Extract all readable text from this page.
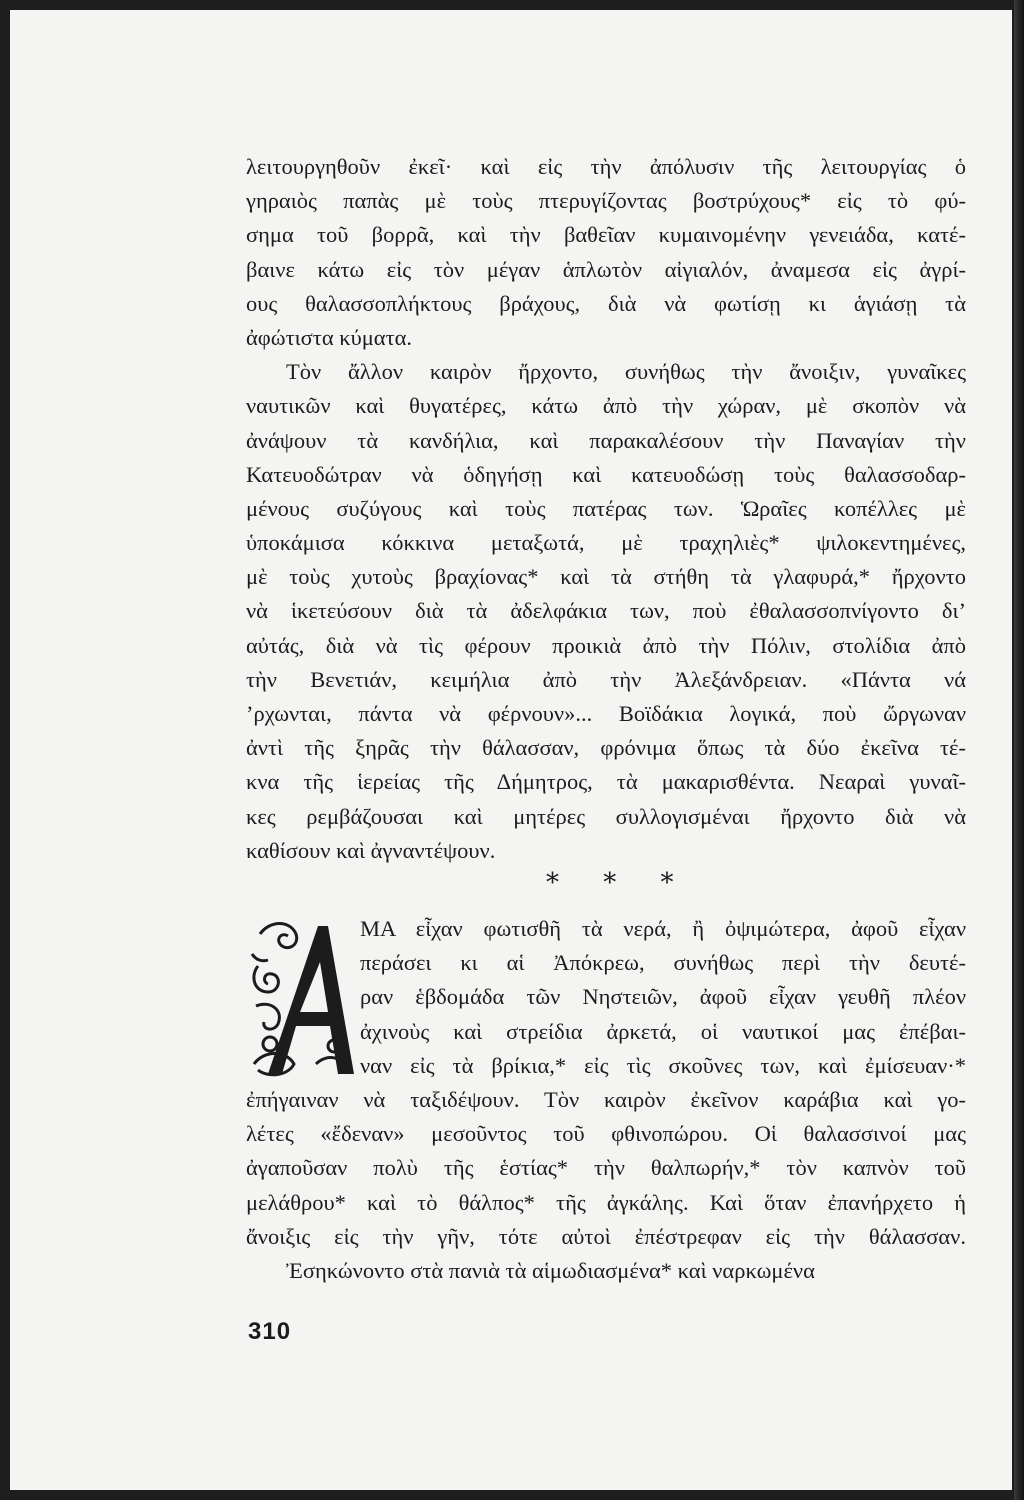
λειτουργηθοῦν ἐκεῖ· καὶ εἰς τὴν ἀπόλυσιν τῆς λειτουργίας ὁ
γηραιὸς παπὰς μὲ τοὺς πτερυγίζοντας βοστρύχους* εἰς τὸ φύ-
σημα τοῦ βορρᾶ, καὶ τὴν βαθεῖαν κυμαινομένην γενειάδα, κατέ-
βαινε κάτω εἰς τὸν μέγαν ἁπλωτὸν αἰγιαλόν, ἀναμεσα εἰς ἀγρί-
ους θαλασσοπλήκτους βράχους, διὰ νὰ φωτίσῃ κι ἁγιάσῃ τὰ
ἀφώτιστα κύματα.
Τὸν ἄλλον καιρὸν ἤρχοντο, συνήθως τὴν ἄνοιξιν, γυναῖκες
ναυτικῶν καὶ θυγατέρες, κάτω ἀπὸ τὴν χώραν, μὲ σκοπὸν νὰ
ἀνάψουν τὰ κανδήλια, καὶ παρακαλέσουν τὴν Παναγίαν τὴν
Κατευοδώτραν νὰ ὁδηγήσῃ καὶ κατευοδώσῃ τοὺς θαλασσοδαρ-
μένους συζύγους καὶ τοὺς πατέρας των. Ὡραῖες κοπέλλες μὲ
ὑποκάμισα κόκκινα μεταξωτά, μὲ τραχηλιὲς* ψιλοκεντημένες,
μὲ τοὺς χυτοὺς βραχίονας* καὶ τὰ στήθη τὰ γλαφυρά,* ἤρχοντο
νὰ ἱκετεύσουν διὰ τὰ ἀδελφάκια των, ποὺ ἐθαλασσοπνίγοντο δι’
αὐτάς, διὰ νὰ τὶς φέρουν προικιὰ ἀπὸ τὴν Πόλιν, στολίδια ἀπὸ
τὴν Βενετιάν, κειμήλια ἀπὸ τὴν Ἀλεξάνδρειαν. «Πάντα νά
’ρχωνται, πάντα νὰ φέρνουν»... Βοϊδάκια λογικά, ποὺ ὤργωναν
ἀντὶ τῆς ξηρᾶς τὴν θάλασσαν, φρόνιμα ὅπως τὰ δύο ἐκεῖνα τέ-
κνα τῆς ἱερείας τῆς Δήμητρος, τὰ μακαρισθέντα. Νεαραὶ γυναῖ-
κες ρεμβάζουσαι καὶ μητέρες συλλογισμέναι ἤρχοντο διὰ νὰ
καθίσουν καὶ ἀγναντέψουν.
* * *
ΜΑ εἶχαν φωτισθῆ τὰ νερά, ἢ ὀψιμώτερα, ἀφοῦ εἶχαν
περάσει κι αἱ Ἀπόκρεω, συνήθως περὶ τὴν δευτέ-
ραν ἑβδομάδα τῶν Νηστειῶν, ἀφοῦ εἶχαν γευθῆ πλέον
ἀχινοὺς καὶ στρείδια ἀρκετά, οἱ ναυτικοί μας ἐπέβαι-
ναν εἰς τὰ βρίκια,* εἰς τὶς σκοῦνες των, καὶ ἐμίσευαν·*
ἐπήγαιναν νὰ ταξιδέψουν. Τὸν καιρὸν ἐκεῖνον καράβια καὶ γο-
λέτες «ἔδεναν» μεσοῦντος τοῦ φθινοπώρου. Οἱ θαλασσινοί μας
ἀγαποῦσαν πολὺ τῆς ἑστίας* τὴν θαλπωρήν,* τὸν καπνὸν τοῦ
μελάθρου* καὶ τὸ θάλπος* τῆς ἀγκάλης. Καὶ ὅταν ἐπανήρχετο ἡ
ἄνοιξις εἰς τὴν γῆν, τότε αὐτοὶ ἐπέστρεφαν εἰς τὴν θάλασσαν.
Ἐσηκώνοντο στὰ πανιὰ τὰ αἱμωδιασμένα* καὶ ναρκωμένα
310
